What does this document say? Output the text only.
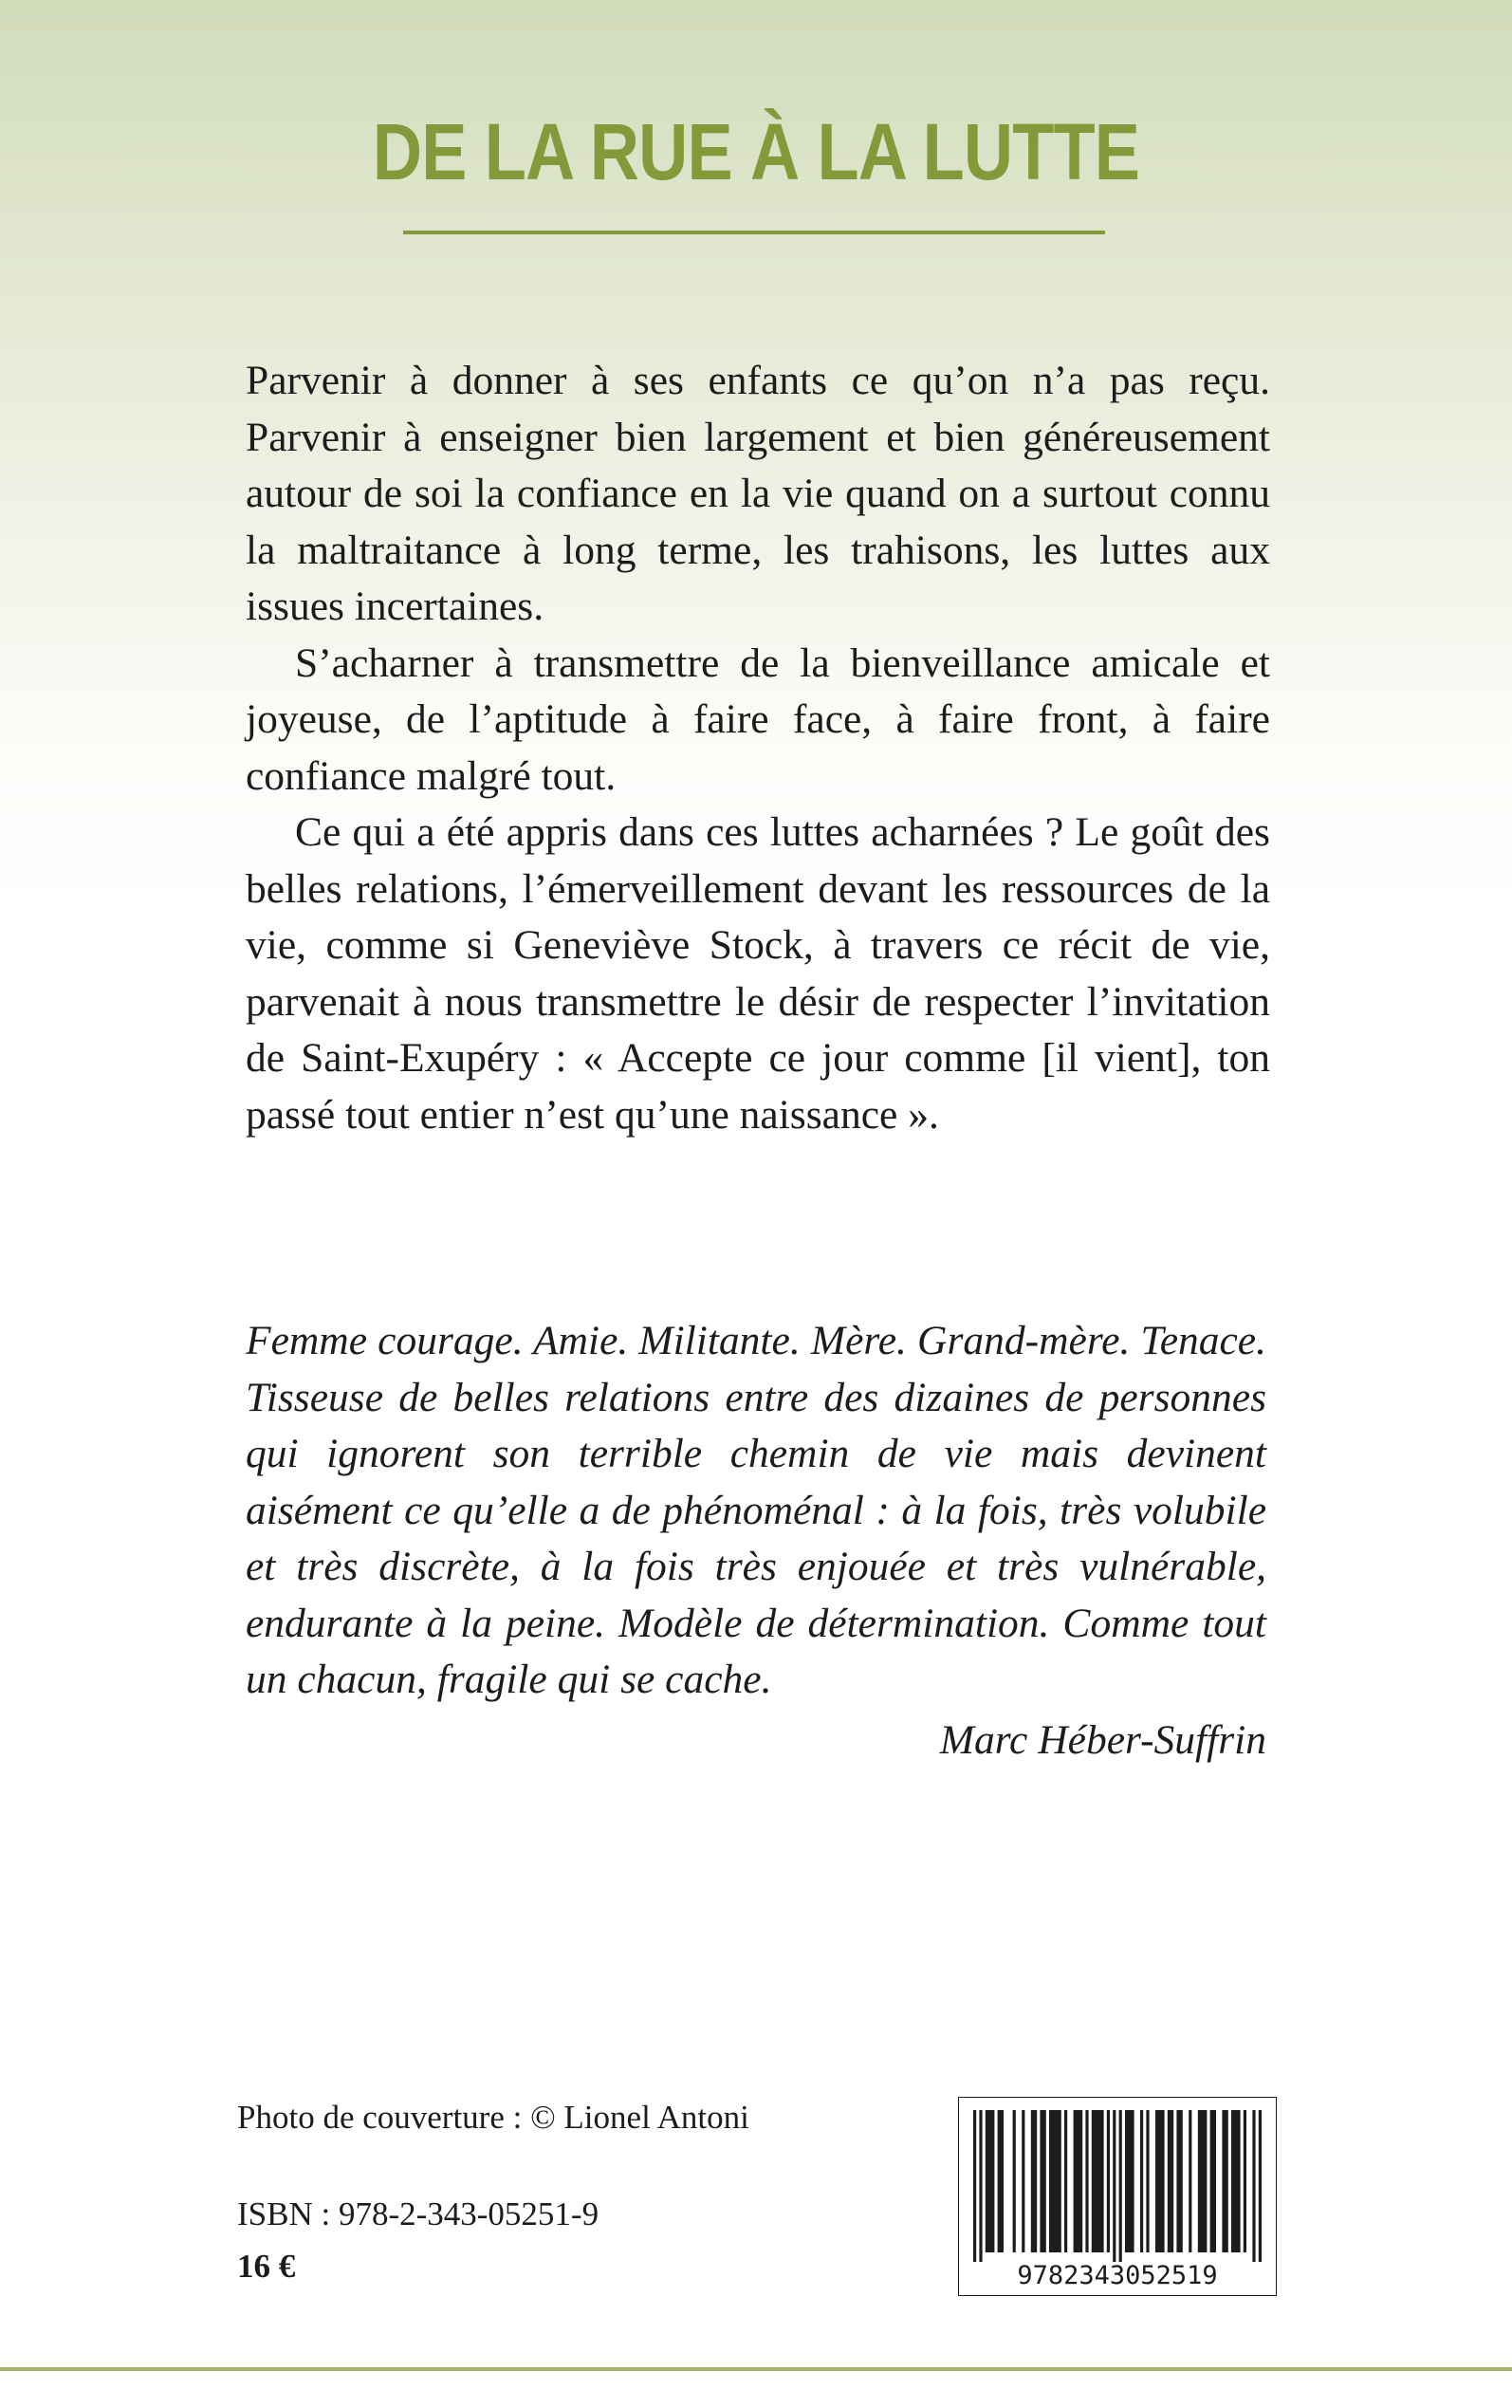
DE LA RUE À LA LUTTE

Parvenir à donner à ses enfants ce qu’on n’a pas reçu. Parvenir à enseigner bien largement et bien généreusement autour de soi la confiance en la vie quand on a surtout connu la maltraitance à long terme, les trahisons, les luttes aux issues incertaines.

S’acharner à transmettre de la bienveillance amicale et joyeuse, de l’aptitude à faire face, à faire front, à faire confiance malgré tout.

Ce qui a été appris dans ces luttes acharnées ? Le goût des belles relations, l’émerveillement devant les ressources de la vie, comme si Geneviève Stock, à travers ce récit de vie, parvenait à nous transmettre le désir de respecter l’invitation de Saint-Exupéry : « Accepte ce jour comme [il vient], ton passé tout entier n’est qu’une naissance ».

Femme courage. Amie. Militante. Mère. Grand-mère. Tenace. Tisseuse de belles relations entre des dizaines de personnes qui ignorent son terrible chemin de vie mais devinent aisément ce qu’elle a de phénoménal : à la fois, très volubile et très discrète, à la fois très enjouée et très vulnérable, endurante à la peine. Modèle de détermination. Comme tout un chacun, fragile qui se cache.

Marc Héber-Suffrin

Photo de couverture : © Lionel Antoni

ISBN : 978-2-343-05251-9

16 €	9782343052519
